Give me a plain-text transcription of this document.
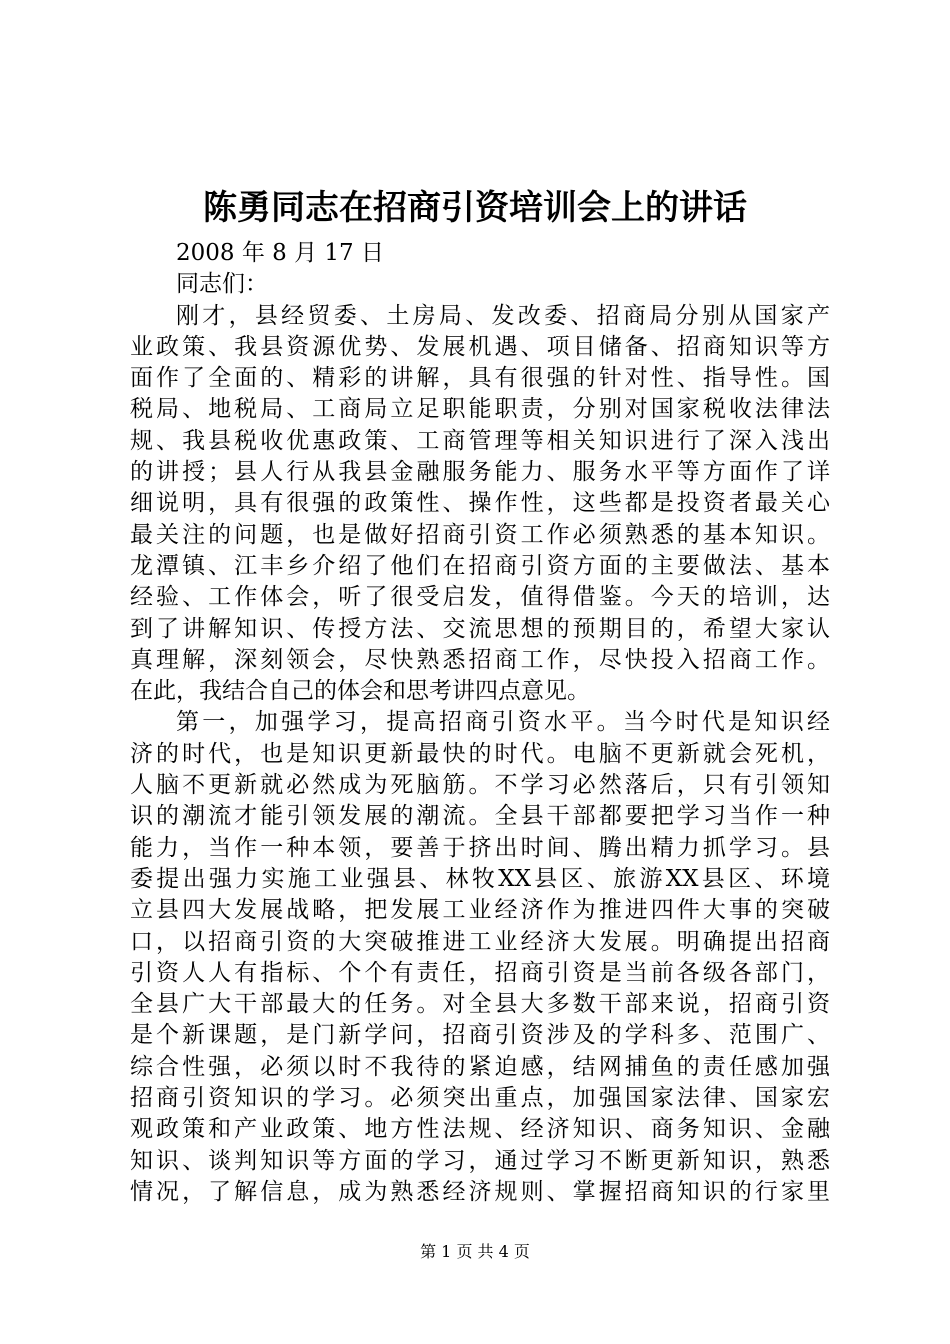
陈勇同志在招商引资培训会上的讲话
2008 年 8 月 17 日
同志们：
刚才，县经贸委、土房局、发改委、招商局分别从国家产
业政策、我县资源优势、发展机遇、项目储备、招商知识等方
面作了全面的、精彩的讲解，具有很强的针对性、指导性。国
税局、地税局、工商局立足职能职责，分别对国家税收法律法
规、我县税收优惠政策、工商管理等相关知识进行了深入浅出
的讲授；县人行从我县金融服务能力、服务水平等方面作了详
细说明，具有很强的政策性、操作性，这些都是投资者最关心
最关注的问题，也是做好招商引资工作必须熟悉的基本知识。
龙潭镇、江丰乡介绍了他们在招商引资方面的主要做法、基本
经验、工作体会，听了很受启发，值得借鉴。今天的培训，达
到了讲解知识、传授方法、交流思想的预期目的，希望大家认
真理解，深刻领会，尽快熟悉招商工作，尽快投入招商工作。
在此，我结合自己的体会和思考讲四点意见。
第一，加强学习，提高招商引资水平。当今时代是知识经
济的时代，也是知识更新最快的时代。电脑不更新就会死机，
人脑不更新就必然成为死脑筋。不学习必然落后，只有引领知
识的潮流才能引领发展的潮流。全县干部都要把学习当作一种
能力，当作一种本领，要善于挤出时间、腾出精力抓学习。县
委提出强力实施工业强县、林牧XX县区、旅游XX县区、环境
立县四大发展战略，把发展工业经济作为推进四件大事的突破
口，以招商引资的大突破推进工业经济大发展。明确提出招商
引资人人有指标、个个有责任，招商引资是当前各级各部门，
全县广大干部最大的任务。对全县大多数干部来说，招商引资
是个新课题，是门新学问，招商引资涉及的学科多、范围广、
综合性强，必须以时不我待的紧迫感，结网捕鱼的责任感加强
招商引资知识的学习。必须突出重点，加强国家法律、国家宏
观政策和产业政策、地方性法规、经济知识、商务知识、金融
知识、谈判知识等方面的学习，通过学习不断更新知识，熟悉
情况，了解信息，成为熟悉经济规则、掌握招商知识的行家里
第 1 页 共 4 页
